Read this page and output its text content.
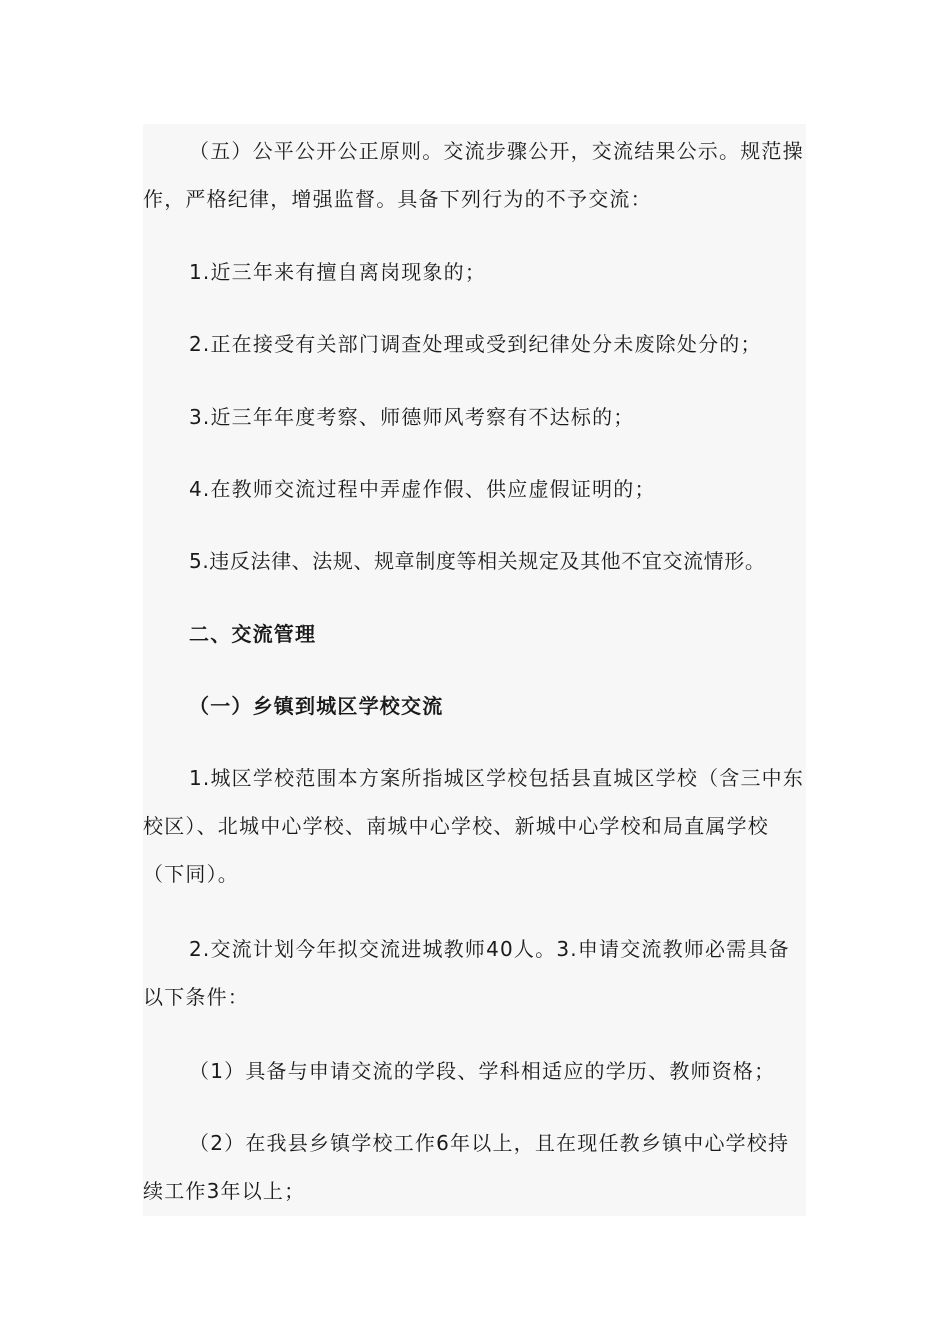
（五）公平公开公正原则。交流步骤公开，交流结果公示。规范操作，严格纪律，增强监督。具备下列行为的不予交流：

1.近三年来有擅自离岗现象的；

2.正在接受有关部门调查处理或受到纪律处分未废除处分的；

3.近三年年度考察、师德师风考察有不达标的；

4.在教师交流过程中弄虚作假、供应虚假证明的；

5.违反法律、法规、规章制度等相关规定及其他不宜交流情形。

二、交流管理

（一）乡镇到城区学校交流

1.城区学校范围本方案所指城区学校包括县直城区学校（含三中东校区）、北城中心学校、南城中心学校、新城中心学校和局直属学校（下同）。

2.交流计划今年拟交流进城教师40人。3.申请交流教师必需具备以下条件：

（1）具备与申请交流的学段、学科相适应的学历、教师资格；

（2）在我县乡镇学校工作6年以上，且在现任教乡镇中心学校持续工作3年以上；
